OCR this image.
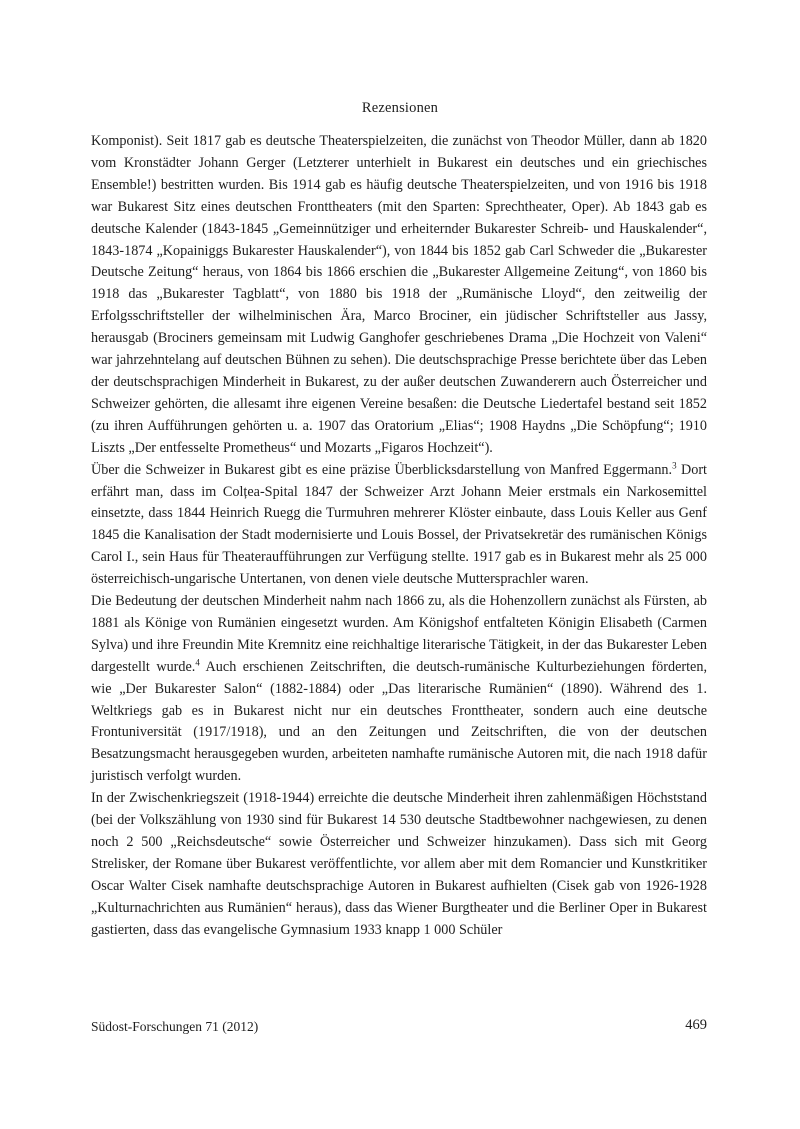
Rezensionen

Komponist). Seit 1817 gab es deutsche Theaterspielzeiten, die zunächst von Theodor Müller, dann ab 1820 vom Kronstädter Johann Gerger (Letzterer unterhielt in Bukarest ein deutsches und ein griechisches Ensemble!) bestritten wurden. Bis 1914 gab es häufig deutsche Theaterspielzeiten, und von 1916 bis 1918 war Bukarest Sitz eines deutschen Fronttheaters (mit den Sparten: Sprechtheater, Oper). Ab 1843 gab es deutsche Kalender (1843-1845 „Gemeinnütziger und erheiternder Bukarester Schreib- und Hauskalender“, 1843-1874 „Kopainiggs Bukarester Hauskalender“), von 1844 bis 1852 gab Carl Schweder die „Bukarester Deutsche Zeitung“ heraus, von 1864 bis 1866 erschien die „Bukarester Allgemeine Zeitung“, von 1860 bis 1918 das „Bukarester Tagblatt“, von 1880 bis 1918 der „Rumänische Lloyd“, den zeitweilig der Erfolgsschriftsteller der wilhelminischen Ära, Marco Brociner, ein jüdischer Schriftsteller aus Jassy, herausgab (Brociners gemeinsam mit Ludwig Ganghofer geschriebenes Drama „Die Hochzeit von Valeni“ war jahrzehntelang auf deutschen Bühnen zu sehen). Die deutschsprachige Presse berichtete über das Leben der deutschsprachigen Minderheit in Bukarest, zu der außer deutschen Zuwanderern auch Österreicher und Schweizer gehörten, die allesamt ihre eigenen Vereine besaßen: die Deutsche Liedertafel bestand seit 1852 (zu ihren Aufführungen gehörten u. a. 1907 das Oratorium „Elias“; 1908 Haydns „Die Schöpfung“; 1910 Liszts „Der entfesselte Prometheus“ und Mozarts „Figaros Hochzeit“).

Über die Schweizer in Bukarest gibt es eine präzise Überblicksdarstellung von Manfred Eggermann.$^3$ Dort erfährt man, dass im Colțea-Spital 1847 der Schweizer Arzt Johann Meier erstmals ein Narkosemittel einsetzte, dass 1844 Heinrich Ruegg die Turmuhren mehrerer Klöster einbaute, dass Louis Keller aus Genf 1845 die Kanalisation der Stadt modernisierte und Louis Bossel, der Privatsekretär des rumänischen Königs Carol I., sein Haus für Theateraufführungen zur Verfügung stellte. 1917 gab es in Bukarest mehr als 25 000 österreichisch-ungarische Untertanen, von denen viele deutsche Muttersprachler waren.

Die Bedeutung der deutschen Minderheit nahm nach 1866 zu, als die Hohenzollern zunächst als Fürsten, ab 1881 als Könige von Rumänien eingesetzt wurden. Am Königshof entfalteten Königin Elisabeth (Carmen Sylva) und ihre Freundin Mite Kremnitz eine reichhaltige literarische Tätigkeit, in der das Bukarester Leben dargestellt wurde.$^4$ Auch erschienen Zeitschriften, die deutsch-rumänische Kulturbeziehungen förderten, wie „Der Bukarester Salon“ (1882-1884) oder „Das literarische Rumänien“ (1890). Während des 1. Weltkriegs gab es in Bukarest nicht nur ein deutsches Fronttheater, sondern auch eine deutsche Frontuniversität (1917/1918), und an den Zeitungen und Zeitschriften, die von der deutschen Besatzungsmacht herausgegeben wurden, arbeiteten namhafte rumänische Autoren mit, die nach 1918 dafür juristisch verfolgt wurden.

In der Zwischenkriegszeit (1918-1944) erreichte die deutsche Minderheit ihren zahlenmäßigen Höchststand (bei der Volkszählung von 1930 sind für Bukarest 14 530 deutsche Stadtbewohner nachgewiesen, zu denen noch 2 500 „Reichsdeutsche“ sowie Österreicher und Schweizer hinzukamen). Dass sich mit Georg Strelisker, der Romane über Bukarest veröffentlichte, vor allem aber mit dem Romancier und Kunstkritiker Oscar Walter Cisek namhafte deutschsprachige Autoren in Bukarest aufhielten (Cisek gab von 1926-1928 „Kulturnachrichten aus Rumänien“ heraus), dass das Wiener Burgtheater und die Berliner Oper in Bukarest gastierten, dass das evangelische Gymnasium 1933 knapp 1 000 Schüler

Südost-Forschungen 71 (2012)	469
